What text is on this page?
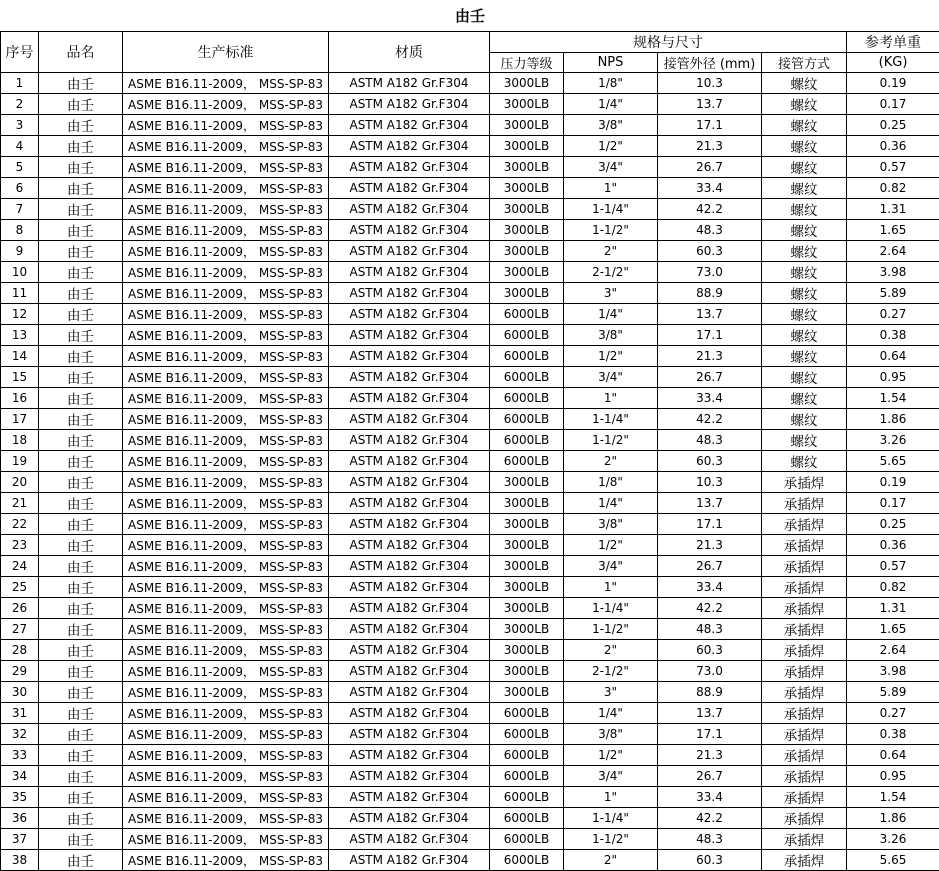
由壬								
序号	品名	生产标准	材质	规格与尺寸				参考单重
				压力等级	NPS	接管外径 (mm)	接管方式	(KG)
1	由壬	ASME B16.11-2009， MSS-SP-83	ASTM A182 Gr.F304	3000LB	1/8"	10.3	螺纹	0.19
2	由壬	ASME B16.11-2009， MSS-SP-83	ASTM A182 Gr.F304	3000LB	1/4"	13.7	螺纹	0.17
3	由壬	ASME B16.11-2009， MSS-SP-83	ASTM A182 Gr.F304	3000LB	3/8"	17.1	螺纹	0.25
4	由壬	ASME B16.11-2009， MSS-SP-83	ASTM A182 Gr.F304	3000LB	1/2"	21.3	螺纹	0.36
5	由壬	ASME B16.11-2009， MSS-SP-83	ASTM A182 Gr.F304	3000LB	3/4"	26.7	螺纹	0.57
6	由壬	ASME B16.11-2009， MSS-SP-83	ASTM A182 Gr.F304	3000LB	1"	33.4	螺纹	0.82
7	由壬	ASME B16.11-2009， MSS-SP-83	ASTM A182 Gr.F304	3000LB	1-1/4"	42.2	螺纹	1.31
8	由壬	ASME B16.11-2009， MSS-SP-83	ASTM A182 Gr.F304	3000LB	1-1/2"	48.3	螺纹	1.65
9	由壬	ASME B16.11-2009， MSS-SP-83	ASTM A182 Gr.F304	3000LB	2"	60.3	螺纹	2.64
10	由壬	ASME B16.11-2009， MSS-SP-83	ASTM A182 Gr.F304	3000LB	2-1/2"	73.0	螺纹	3.98
11	由壬	ASME B16.11-2009， MSS-SP-83	ASTM A182 Gr.F304	3000LB	3"	88.9	螺纹	5.89
12	由壬	ASME B16.11-2009， MSS-SP-83	ASTM A182 Gr.F304	6000LB	1/4"	13.7	螺纹	0.27
13	由壬	ASME B16.11-2009， MSS-SP-83	ASTM A182 Gr.F304	6000LB	3/8"	17.1	螺纹	0.38
14	由壬	ASME B16.11-2009， MSS-SP-83	ASTM A182 Gr.F304	6000LB	1/2"	21.3	螺纹	0.64
15	由壬	ASME B16.11-2009， MSS-SP-83	ASTM A182 Gr.F304	6000LB	3/4"	26.7	螺纹	0.95
16	由壬	ASME B16.11-2009， MSS-SP-83	ASTM A182 Gr.F304	6000LB	1"	33.4	螺纹	1.54
17	由壬	ASME B16.11-2009， MSS-SP-83	ASTM A182 Gr.F304	6000LB	1-1/4"	42.2	螺纹	1.86
18	由壬	ASME B16.11-2009， MSS-SP-83	ASTM A182 Gr.F304	6000LB	1-1/2"	48.3	螺纹	3.26
19	由壬	ASME B16.11-2009， MSS-SP-83	ASTM A182 Gr.F304	6000LB	2"	60.3	螺纹	5.65
20	由壬	ASME B16.11-2009， MSS-SP-83	ASTM A182 Gr.F304	3000LB	1/8"	10.3	承插焊	0.19
21	由壬	ASME B16.11-2009， MSS-SP-83	ASTM A182 Gr.F304	3000LB	1/4"	13.7	承插焊	0.17
22	由壬	ASME B16.11-2009， MSS-SP-83	ASTM A182 Gr.F304	3000LB	3/8"	17.1	承插焊	0.25
23	由壬	ASME B16.11-2009， MSS-SP-83	ASTM A182 Gr.F304	3000LB	1/2"	21.3	承插焊	0.36
24	由壬	ASME B16.11-2009， MSS-SP-83	ASTM A182 Gr.F304	3000LB	3/4"	26.7	承插焊	0.57
25	由壬	ASME B16.11-2009， MSS-SP-83	ASTM A182 Gr.F304	3000LB	1"	33.4	承插焊	0.82
26	由壬	ASME B16.11-2009， MSS-SP-83	ASTM A182 Gr.F304	3000LB	1-1/4"	42.2	承插焊	1.31
27	由壬	ASME B16.11-2009， MSS-SP-83	ASTM A182 Gr.F304	3000LB	1-1/2"	48.3	承插焊	1.65
28	由壬	ASME B16.11-2009， MSS-SP-83	ASTM A182 Gr.F304	3000LB	2"	60.3	承插焊	2.64
29	由壬	ASME B16.11-2009， MSS-SP-83	ASTM A182 Gr.F304	3000LB	2-1/2"	73.0	承插焊	3.98
30	由壬	ASME B16.11-2009， MSS-SP-83	ASTM A182 Gr.F304	3000LB	3"	88.9	承插焊	5.89
31	由壬	ASME B16.11-2009， MSS-SP-83	ASTM A182 Gr.F304	6000LB	1/4"	13.7	承插焊	0.27
32	由壬	ASME B16.11-2009， MSS-SP-83	ASTM A182 Gr.F304	6000LB	3/8"	17.1	承插焊	0.38
33	由壬	ASME B16.11-2009， MSS-SP-83	ASTM A182 Gr.F304	6000LB	1/2"	21.3	承插焊	0.64
34	由壬	ASME B16.11-2009， MSS-SP-83	ASTM A182 Gr.F304	6000LB	3/4"	26.7	承插焊	0.95
35	由壬	ASME B16.11-2009， MSS-SP-83	ASTM A182 Gr.F304	6000LB	1"	33.4	承插焊	1.54
36	由壬	ASME B16.11-2009， MSS-SP-83	ASTM A182 Gr.F304	6000LB	1-1/4"	42.2	承插焊	1.86
37	由壬	ASME B16.11-2009， MSS-SP-83	ASTM A182 Gr.F304	6000LB	1-1/2"	48.3	承插焊	3.26
38	由壬	ASME B16.11-2009， MSS-SP-83	ASTM A182 Gr.F304	6000LB	2"	60.3	承插焊	5.65
